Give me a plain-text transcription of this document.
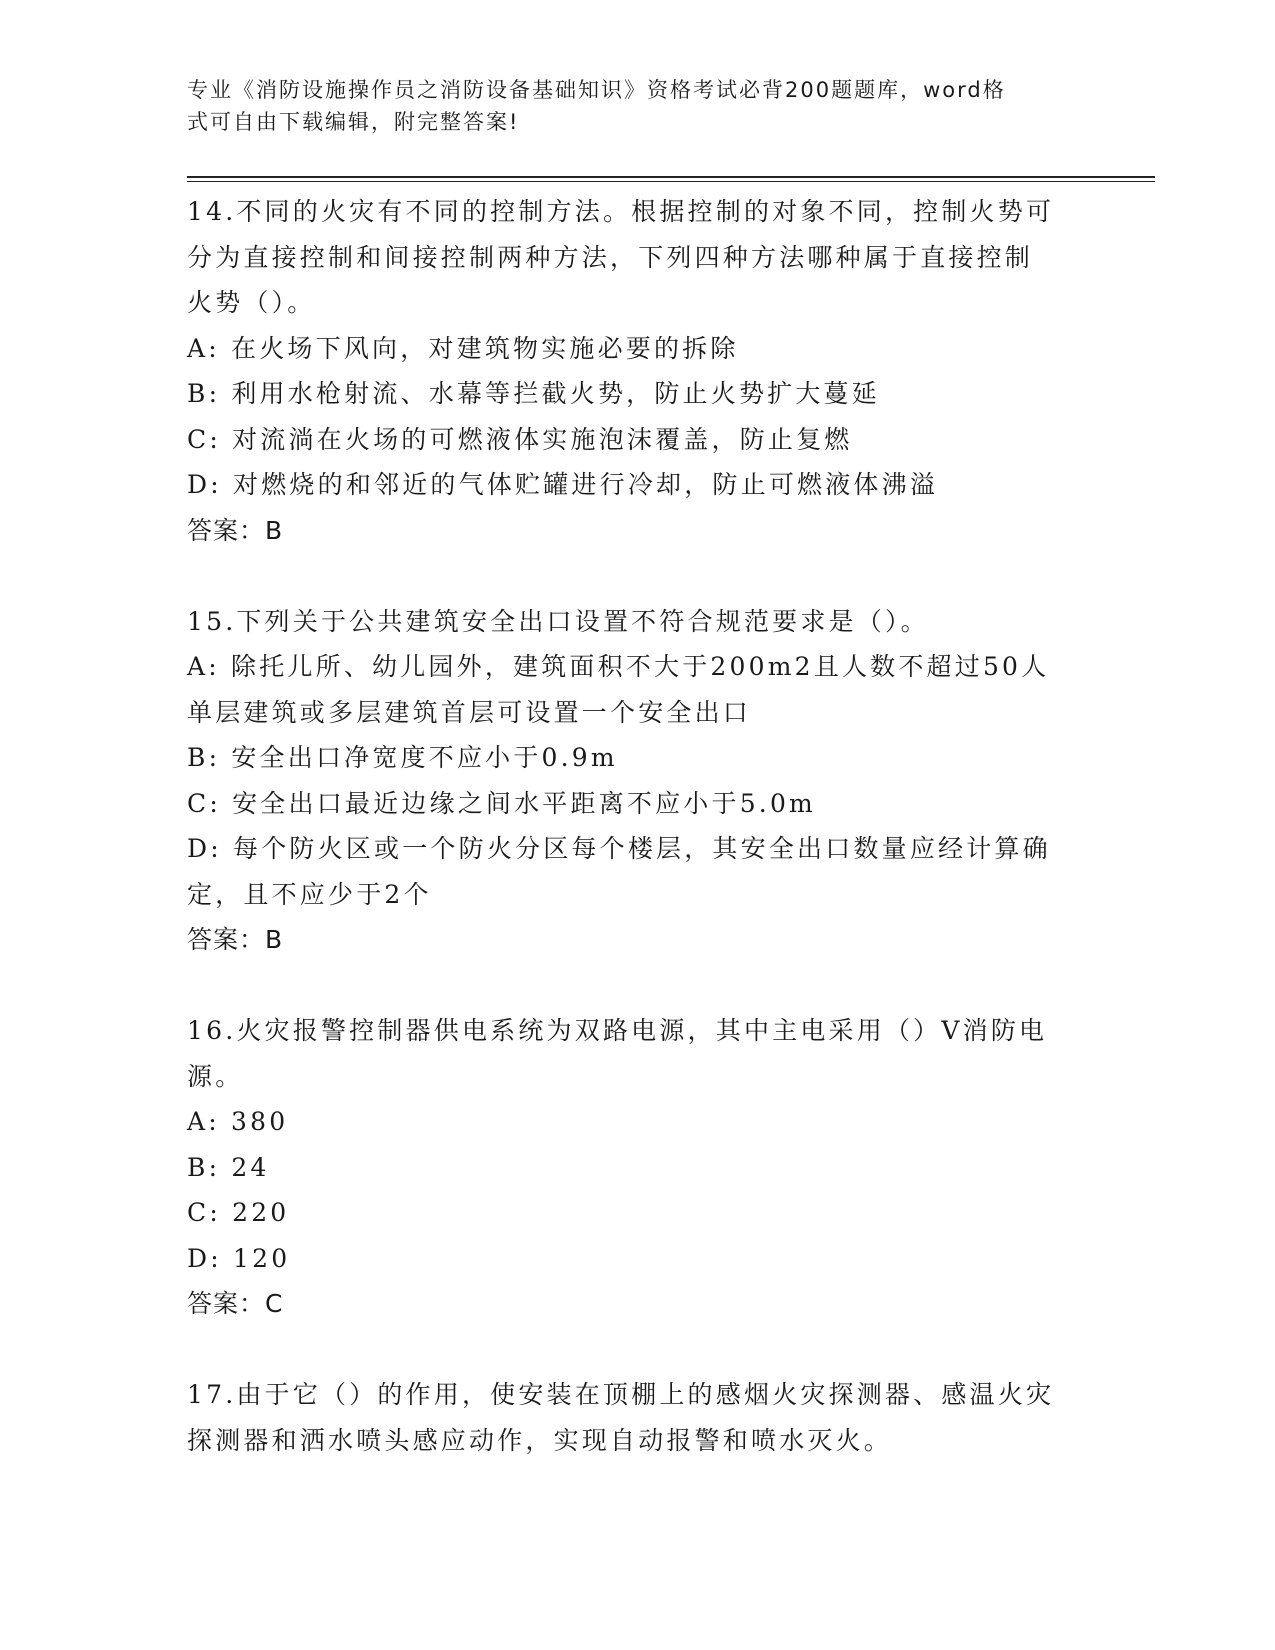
专业《消防设施操作员之消防设备基础知识》资格考试必背200题题库，word格
式可自由下载编辑，附完整答案!
14.不同的火灾有不同的控制方法。根据控制的对象不同，控制火势可
分为直接控制和间接控制两种方法，下列四种方法哪种属于直接控制
火势（）。
A: 在火场下风向，对建筑物实施必要的拆除
B: 利用水枪射流、水幕等拦截火势，防止火势扩大蔓延
C: 对流淌在火场的可燃液体实施泡沫覆盖，防止复燃
D: 对燃烧的和邻近的气体贮罐进行冷却，防止可燃液体沸溢
答案：B
15.下列关于公共建筑安全出口设置不符合规范要求是（）。
A: 除托儿所、幼儿园外，建筑面积不大于200m2且人数不超过50人
单层建筑或多层建筑首层可设置一个安全出口
B: 安全出口净宽度不应小于0.9m
C: 安全出口最近边缘之间水平距离不应小于5.0m
D: 每个防火区或一个防火分区每个楼层，其安全出口数量应经计算确
定，且不应少于2个
答案：B
16.火灾报警控制器供电系统为双路电源，其中主电采用（）V消防电
源。
A: 380
B: 24
C: 220
D: 120
答案：C
17.由于它（）的作用，使安装在顶棚上的感烟火灾探测器、感温火灾
探测器和洒水喷头感应动作，实现自动报警和喷水灭火。
